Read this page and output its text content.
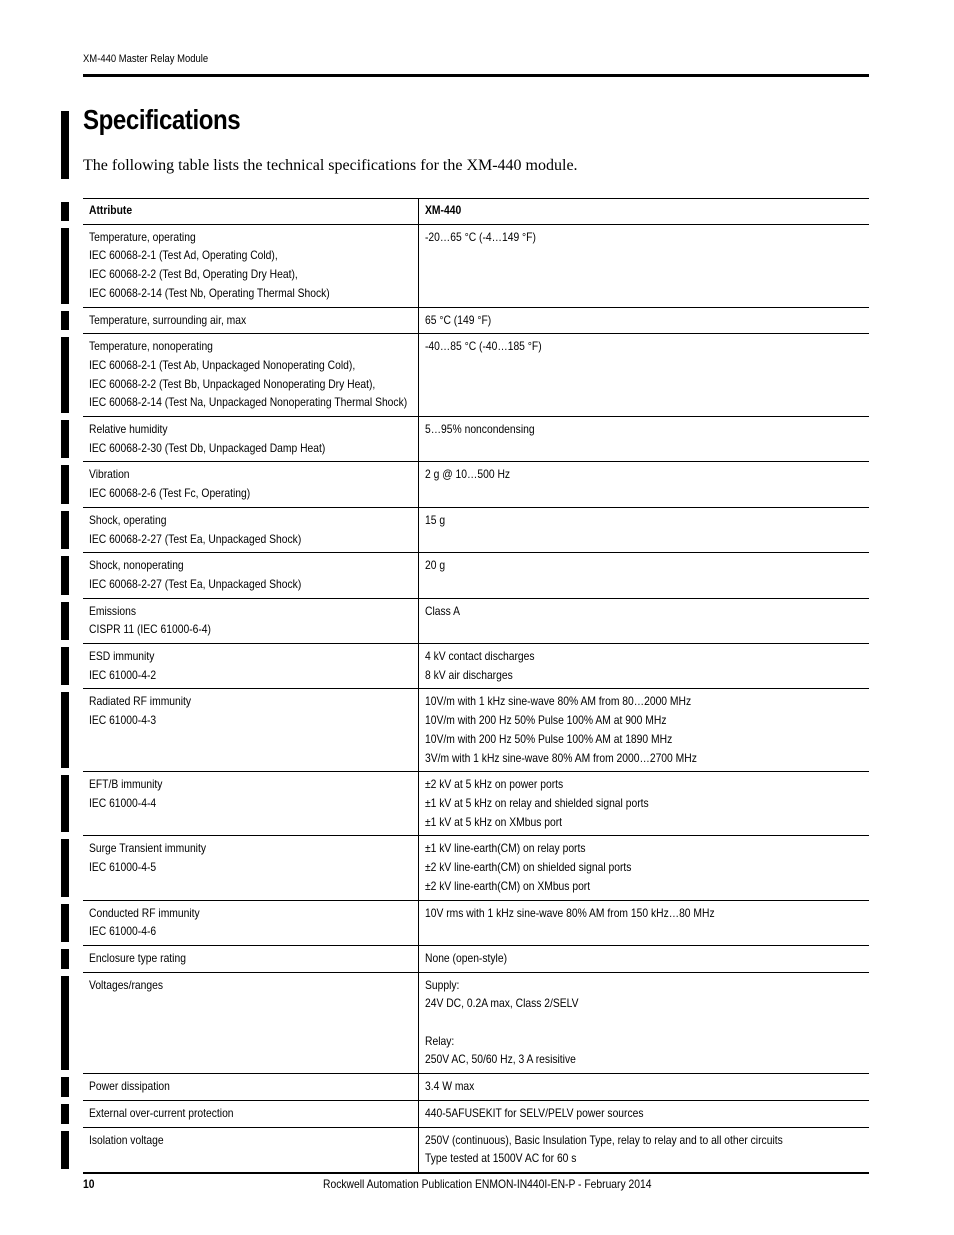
XM-440 Master Relay Module
Specifications

The following table lists the technical specifications for the XM-440 module.

Attribute	XM-440

Temperature, operating
IEC 60068-2-1 (Test Ad, Operating Cold),
IEC 60068-2-2 (Test Bd, Operating Dry Heat),
IEC 60068-2-14 (Test Nb, Operating Thermal Shock)	-20…65 °C (-4…149 °F)

Temperature, surrounding air, max	65 °C (149 °F)

Temperature, nonoperating
IEC 60068-2-1 (Test Ab, Unpackaged Nonoperating Cold),
IEC 60068-2-2 (Test Bb, Unpackaged Nonoperating Dry Heat),
IEC 60068-2-14 (Test Na, Unpackaged Nonoperating Thermal Shock)	-40…85 °C (-40…185 °F)

Relative humidity
IEC 60068-2-30 (Test Db, Unpackaged Damp Heat)	5…95% noncondensing

Vibration
IEC 60068-2-6 (Test Fc, Operating)	2 g @ 10…500 Hz

Shock, operating
IEC 60068-2-27 (Test Ea, Unpackaged Shock)	15 g

Shock, nonoperating
IEC 60068-2-27 (Test Ea, Unpackaged Shock)	20 g

Emissions
CISPR 11 (IEC 61000-6-4)	Class A

ESD immunity
IEC 61000-4-2	4 kV contact discharges
8 kV air discharges

Radiated RF immunity
IEC 61000-4-3	10V/m with 1 kHz sine-wave 80% AM from 80…2000 MHz
10V/m with 200 Hz 50% Pulse 100% AM at 900 MHz
10V/m with 200 Hz 50% Pulse 100% AM at 1890 MHz
3V/m with 1 kHz sine-wave 80% AM from 2000…2700 MHz

EFT/B immunity
IEC 61000-4-4	±2 kV at 5 kHz on power ports
±1 kV at 5 kHz on relay and shielded signal ports
±1 kV at 5 kHz on XMbus port

Surge Transient immunity
IEC 61000-4-5	±1 kV line-earth(CM) on relay ports
±2 kV line-earth(CM) on shielded signal ports
±2 kV line-earth(CM) on XMbus port

Conducted RF immunity
IEC 61000-4-6	10V rms with 1 kHz sine-wave 80% AM from 150 kHz…80 MHz

Enclosure type rating	None (open-style)

Voltages/ranges	Supply:
24V DC, 0.2A max, Class 2/SELV
Relay:
250V AC, 50/60 Hz, 3 A resisitive

Power dissipation	3.4 W max

External over-current protection	440-5AFUSEKIT for SELV/PELV power sources

Isolation voltage	250V (continuous), Basic Insulation Type, relay to relay and to all other circuits
Type tested at 1500V AC for 60 s
10	Rockwell Automation Publication ENMON-IN440I-EN-P - February 2014
